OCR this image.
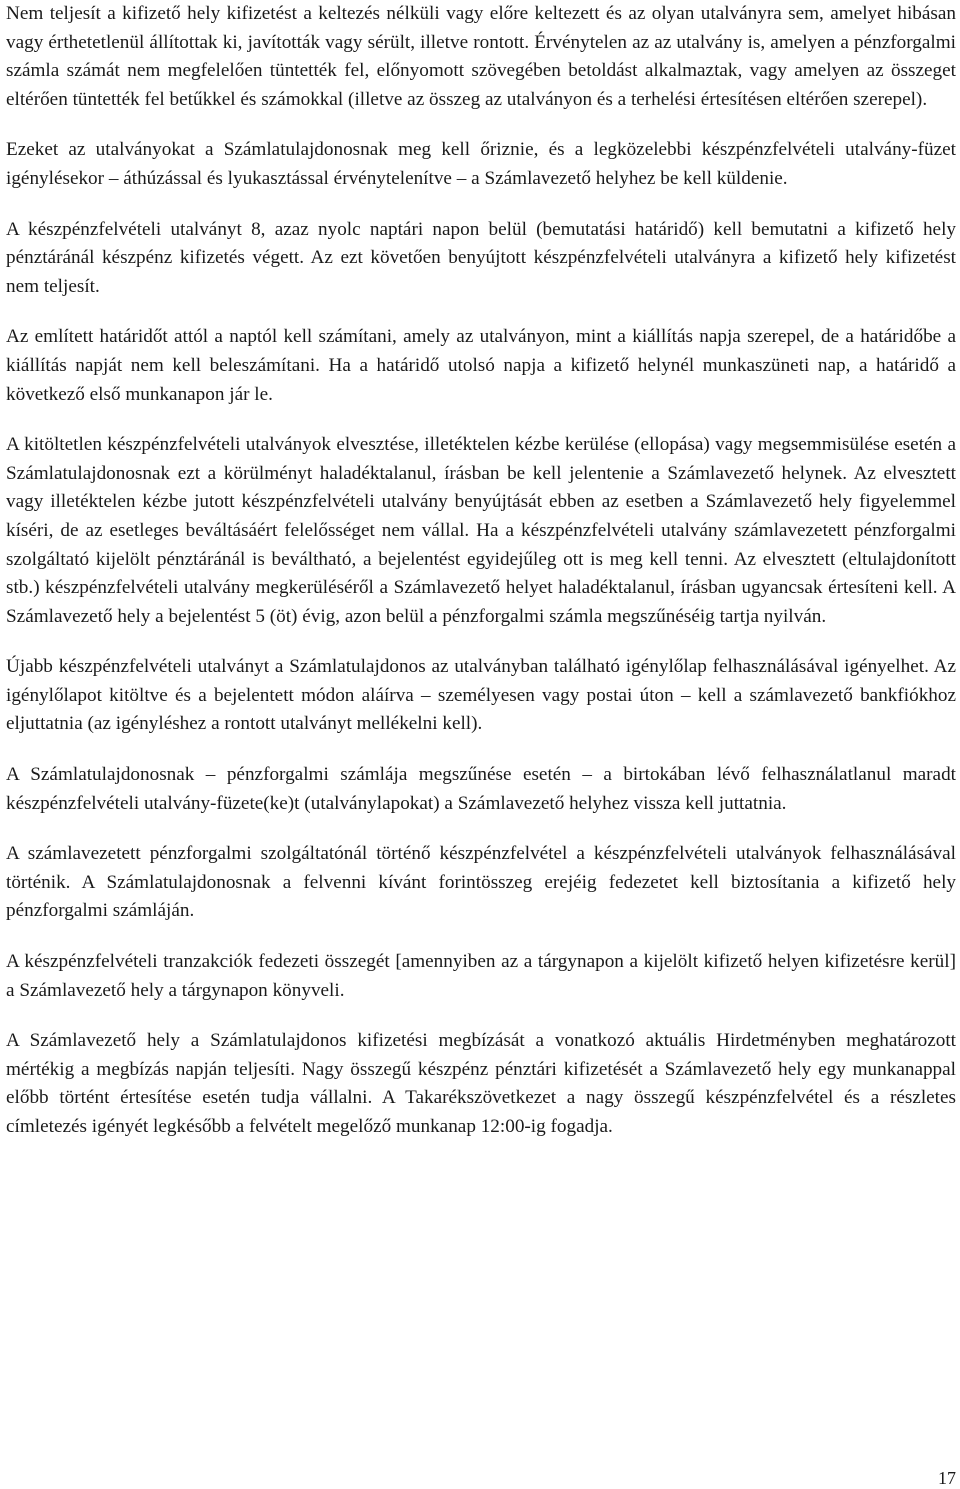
Nem teljesít a kifizető hely kifizetést a keltezés nélküli vagy előre keltezett és az olyan utalványra sem, amelyet hibásan vagy érthetetlenül állítottak ki, javították vagy sérült, illetve rontott. Érvénytelen az az utalvány is, amelyen a pénzforgalmi számla számát nem megfelelően tüntették fel, előnyomott szövegében betoldást alkalmaztak, vagy amelyen az összeget eltérően tüntették fel betűkkel és számokkal (illetve az összeg az utalványon és a terhelési értesítésen eltérően szerepel).

Ezeket az utalványokat a Számlatulajdonosnak meg kell őriznie, és a legközelebbi készpénzfelvételi utalvány-füzet igénylésekor – áthúzással és lyukasztással érvénytelenítve – a Számlavezető helyhez be kell küldenie.

A készpénzfelvételi utalványt 8, azaz nyolc naptári napon belül (bemutatási határidő) kell bemutatni a kifizető hely pénztáránál készpénz kifizetés végett. Az ezt követően benyújtott készpénzfelvételi utalványra a kifizető hely kifizetést nem teljesít.

Az említett határidőt attól a naptól kell számítani, amely az utalványon, mint a kiállítás napja szerepel, de a határidőbe a kiállítás napját nem kell beleszámítani. Ha a határidő utolsó napja a kifizető helynél munkaszüneti nap, a határidő a következő első munkanapon jár le.

A kitöltetlen készpénzfelvételi utalványok elvesztése, illetéktelen kézbe kerülése (ellopása) vagy megsemmisülése esetén a Számlatulajdonosnak ezt a körülményt haladéktalanul, írásban be kell jelentenie a Számlavezető helynek. Az elvesztett vagy illetéktelen kézbe jutott készpénzfelvételi utalvány benyújtását ebben az esetben a Számlavezető hely figyelemmel kíséri, de az esetleges beváltásáért felelősséget nem vállal. Ha a készpénzfelvételi utalvány számlavezetett pénzforgalmi szolgáltató kijelölt pénztáránál is beváltható, a bejelentést egyidejűleg ott is meg kell tenni. Az elvesztett (eltulajdonított stb.) készpénzfelvételi utalvány megkerüléséről a Számlavezető helyet haladéktalanul, írásban ugyancsak értesíteni kell. A Számlavezető hely a bejelentést 5 (öt) évig, azon belül a pénzforgalmi számla megszűnéséig tartja nyilván.

Újabb készpénzfelvételi utalványt a Számlatulajdonos az utalványban található igénylőlap felhasználásával igényelhet. Az igénylőlapot kitöltve és a bejelentett módon aláírva – személyesen vagy postai úton – kell a számlavezető bankfiókhoz eljuttatnia (az igényléshez a rontott utalványt mellékelni kell).

A Számlatulajdonosnak – pénzforgalmi számlája megszűnése esetén – a birtokában lévő felhasználatlanul maradt készpénzfelvételi utalvány-füzete(ke)t (utalványlapokat) a Számlavezető helyhez vissza kell juttatnia.

A számlavezetett pénzforgalmi szolgáltatónál történő készpénzfelvétel a készpénzfelvételi utalványok felhasználásával történik. A Számlatulajdonosnak a felvenni kívánt forintösszeg erejéig fedezetet kell biztosítania a kifizető hely pénzforgalmi számláján.

A készpénzfelvételi tranzakciók fedezeti összegét [amennyiben az a tárgynapon a kijelölt kifizető helyen kifizetésre kerül] a Számlavezető hely a tárgynapon könyveli.

A Számlavezető hely a Számlatulajdonos kifizetési megbízását a vonatkozó aktuális Hirdetményben meghatározott mértékig a megbízás napján teljesíti. Nagy összegű készpénz pénztári kifizetését a Számlavezető hely egy munkanappal előbb történt értesítése esetén tudja vállalni. A Takarékszövetkezet a nagy összegű készpénzfelvétel és a részletes címletezés igényét legkésőbb a felvételt megelőző munkanap 12:00-ig fogadja.

17
